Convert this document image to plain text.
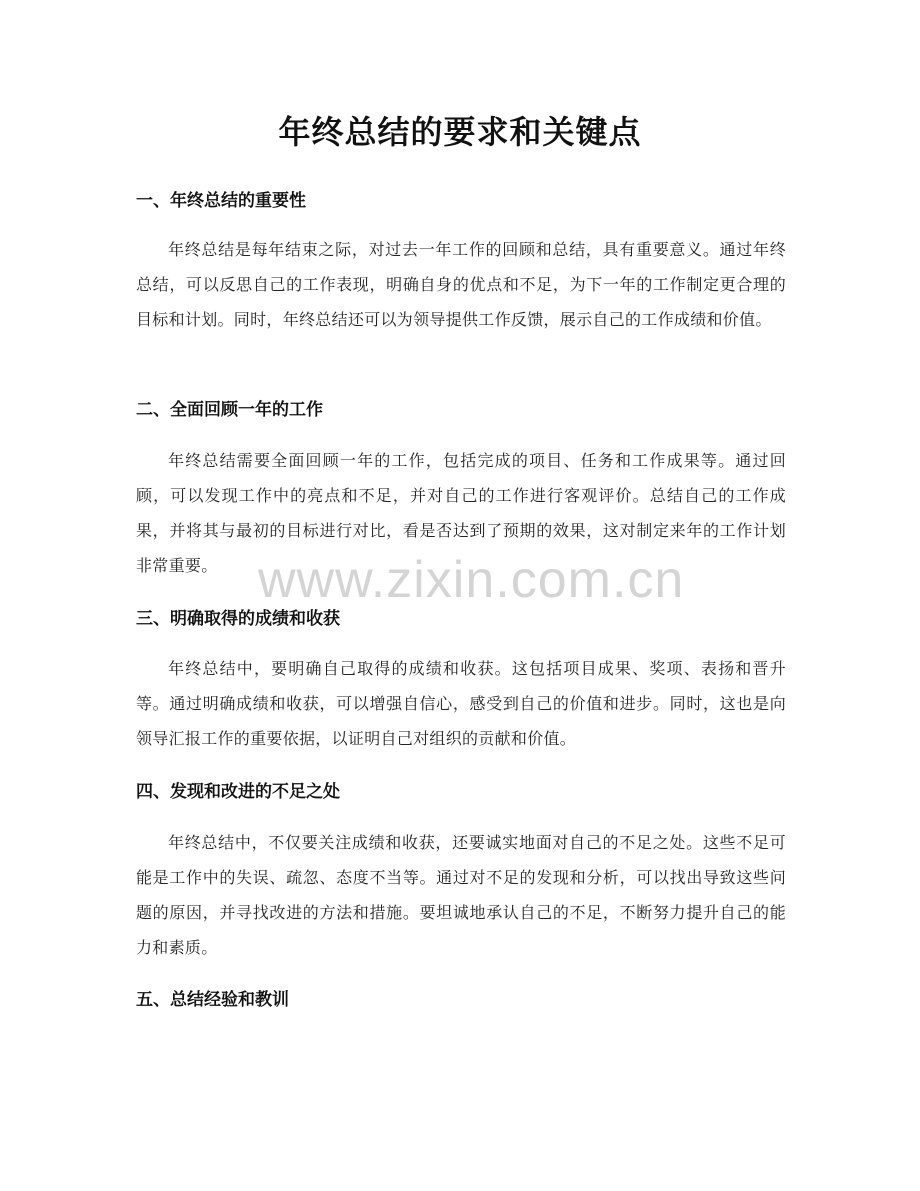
年终总结的要求和关键点
一、年终总结的重要性
年终总结是每年结束之际，对过去一年工作的回顾和总结，具有重要意义。通过年终总结，可以反思自己的工作表现，明确自身的优点和不足，为下一年的工作制定更合理的目标和计划。同时，年终总结还可以为领导提供工作反馈，展示自己的工作成绩和价值。
二、全面回顾一年的工作
年终总结需要全面回顾一年的工作，包括完成的项目、任务和工作成果等。通过回顾，可以发现工作中的亮点和不足，并对自己的工作进行客观评价。总结自己的工作成果，并将其与最初的目标进行对比，看是否达到了预期的效果，这对制定来年的工作计划非常重要。
三、明确取得的成绩和收获
年终总结中，要明确自己取得的成绩和收获。这包括项目成果、奖项、表扬和晋升等。通过明确成绩和收获，可以增强自信心，感受到自己的价值和进步。同时，这也是向领导汇报工作的重要依据，以证明自己对组织的贡献和价值。
四、发现和改进的不足之处
年终总结中，不仅要关注成绩和收获，还要诚实地面对自己的不足之处。这些不足可能是工作中的失误、疏忽、态度不当等。通过对不足的发现和分析，可以找出导致这些问题的原因，并寻找改进的方法和措施。要坦诚地承认自己的不足，不断努力提升自己的能力和素质。
五、总结经验和教训
www.zixin.com.cn
